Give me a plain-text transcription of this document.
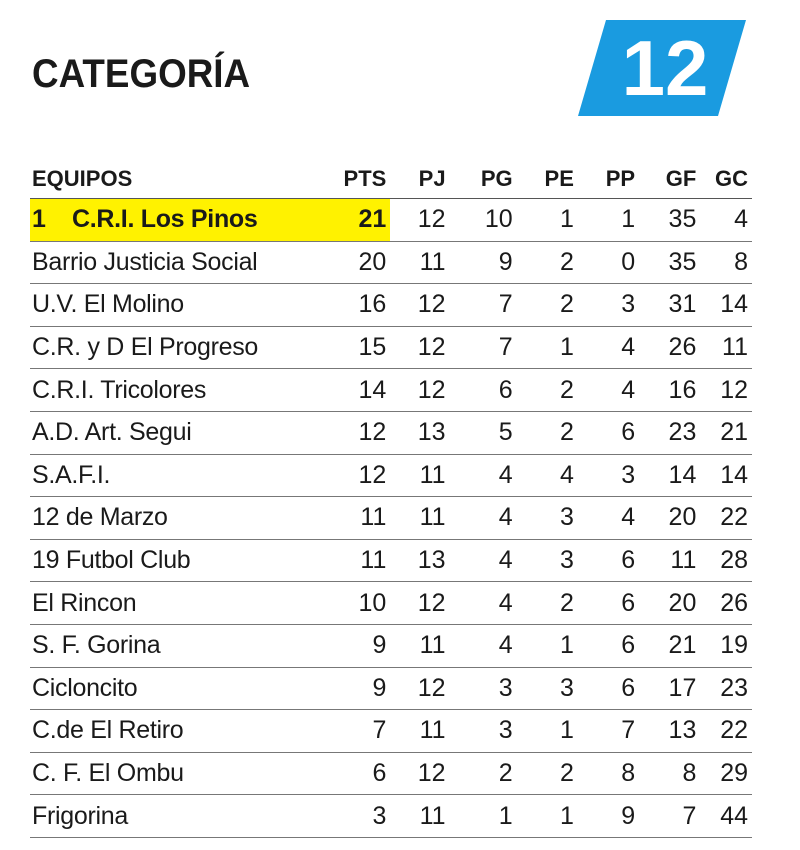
CATEGORÍA	12
EQUIPOS	PTS	PJ	PG	PE	PP	GF	GC
1 C.R.I. Los Pinos	21	12	10	1	1	35	4
Barrio Justicia Social	20	11	9	2	0	35	8
U.V. El Molino	16	12	7	2	3	31	14
C.R. y D El Progreso	15	12	7	1	4	26	11
C.R.I. Tricolores	14	12	6	2	4	16	12
A.D. Art. Segui	12	13	5	2	6	23	21
S.A.F.I.	12	11	4	4	3	14	14
12 de Marzo	11	11	4	3	4	20	22
19 Futbol Club	11	13	4	3	6	11	28
El Rincon	10	12	4	2	6	20	26
S. F. Gorina	9	11	4	1	6	21	19
Cicloncito	9	12	3	3	6	17	23
C.de El Retiro	7	11	3	1	7	13	22
C. F. El Ombu	6	12	2	2	8	8	29
Frigorina	3	11	1	1	9	7	44
